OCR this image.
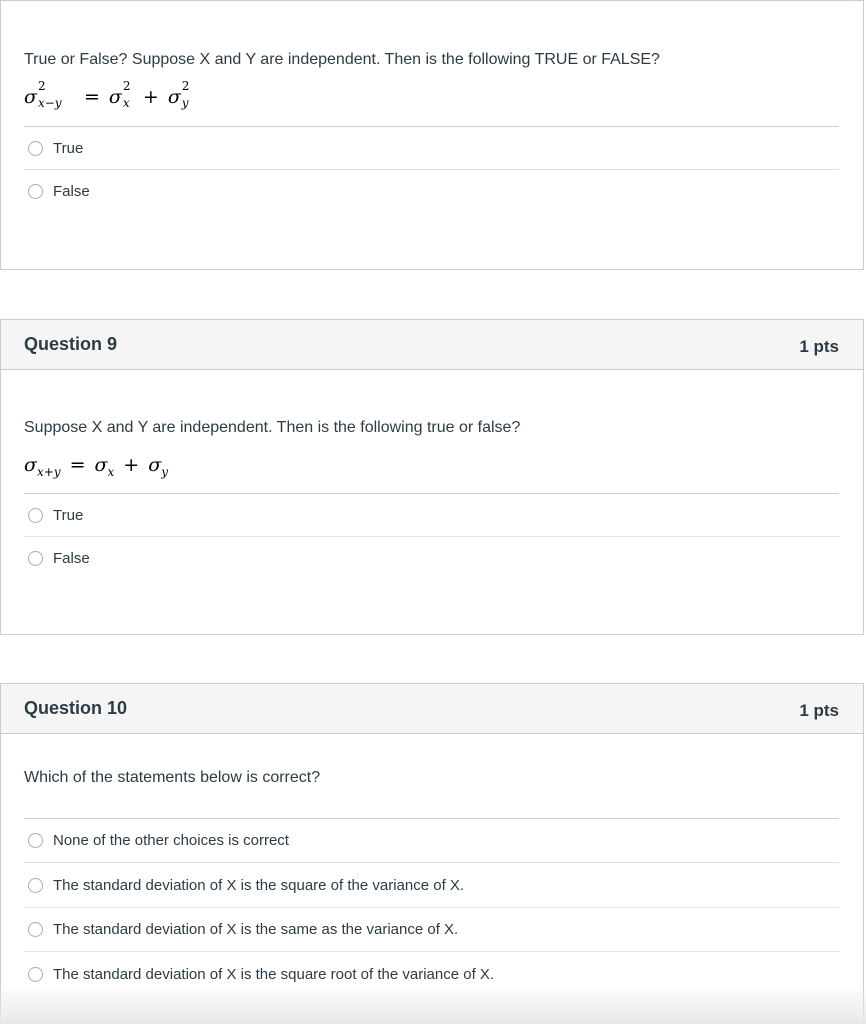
True or False? Suppose X and Y are independent. Then is the following TRUE or FALSE?
σ 2
x−y = σ 2
x + σ 2
y
True
False
Question 9	1 pts
Suppose X and Y are independent. Then is the following true or false?
$\sigma_{x+y} = \sigma_x + \sigma_y$
True
False
Question 10	1 pts
Which of the statements below is correct?
None of the other choices is correct
The standard deviation of X is the square of the variance of X.
The standard deviation of X is the same as the variance of X.
The standard deviation of X is the square root of the variance of X.
